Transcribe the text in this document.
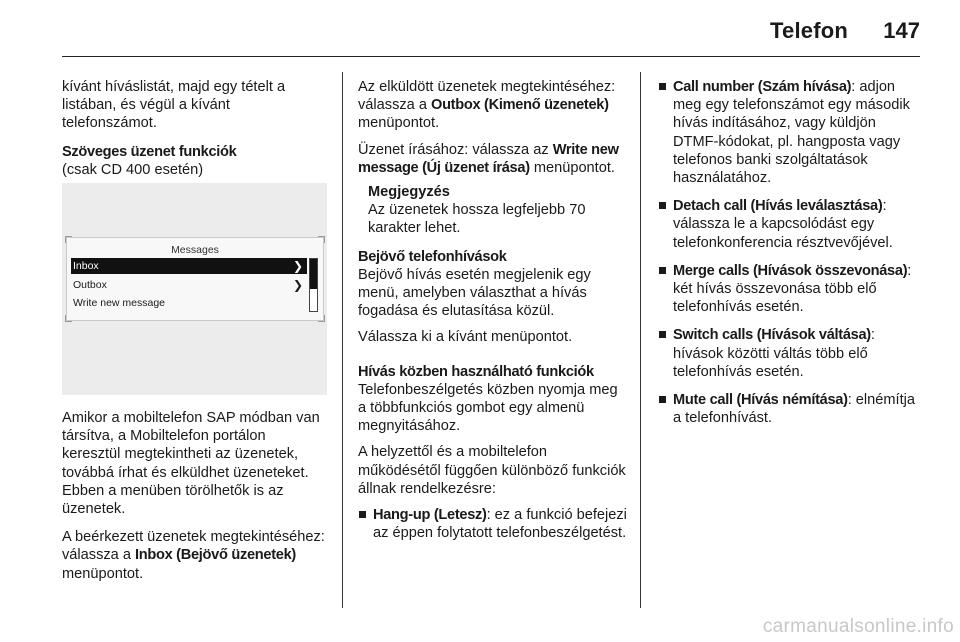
Telefon 147

kívánt híváslistát, majd egy tételt a listában, és végül a kívánt telefonszámot.

Szöveges üzenet funkciók
(csak CD 400 esetén)

Messages
Inbox	❯
Outbox	❯
Write new message

Amikor a mobiltelefon SAP módban van társítva, a Mobiltelefon portálon keresztül megtekintheti az üzenetek, továbbá írhat és elküldhet üzeneteket. Ebben a menüben törölhetők is az üzenetek.

A beérkezett üzenetek megtekintéséhez: válassza a Inbox (Bejövő üzenetek) menüpontot.

Az elküldött üzenetek megtekintéséhez: válassza a Outbox (Kimenő üzenetek) menüpontot.

Üzenet írásához: válassza az Write new message (Új üzenet írása) menüpontot.

Megjegyzés
Az üzenetek hossza legfeljebb 70 karakter lehet.

Bejövő telefonhívások
Bejövő hívás esetén megjelenik egy menü, amelyben választhat a hívás fogadása és elutasítása közül.

Válassza ki a kívánt menüpontot.

Hívás közben használható funkciók
Telefonbeszélgetés közben nyomja meg a többfunkciós gombot egy almenü megnyitásához.

A helyzettől és a mobiltelefon működésétől függően különböző funkciók állnak rendelkezésre:

Hang-up (Letesz): ez a funkció befejezi az éppen folytatott telefonbeszélgetést.
Call number (Szám hívása): adjon meg egy telefonszámot egy második hívás indításához, vagy küldjön DTMF-kódokat, pl. hangposta vagy telefonos banki szolgáltatások használatához.
Detach call (Hívás leválasztása): válassza le a kapcsolódást egy telefonkonferencia résztvevőjével.
Merge calls (Hívások összevonása): két hívás összevonása több elő telefonhívás esetén.
Switch calls (Hívások váltása): hívások közötti váltás több elő telefonhívás esetén.
Mute call (Hívás némítása): elnémítja a telefonhívást.
carmanualsonline.info
